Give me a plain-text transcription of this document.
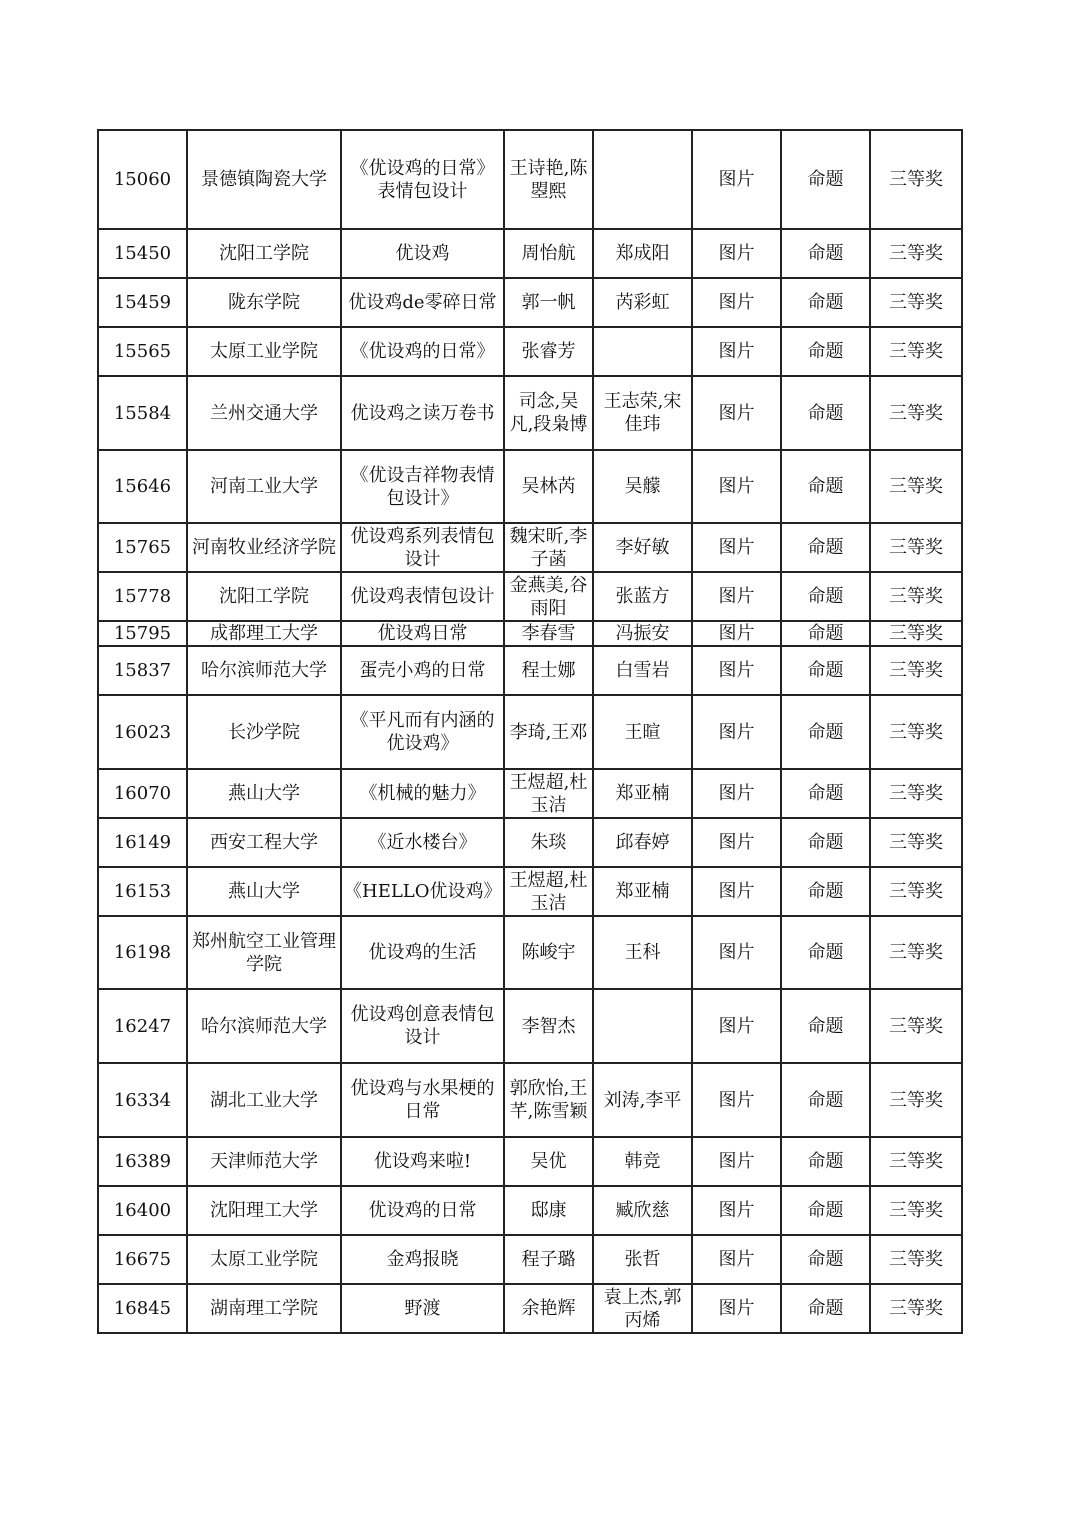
15060	景德镇陶瓷大学	《优设鸡的日常》表情包设计	王诗艳,陈曌熙		图片	命题	三等奖
15450	沈阳工学院	优设鸡	周怡航	郑成阳	图片	命题	三等奖
15459	陇东学院	优设鸡de零碎日常	郭一帆	芮彩虹	图片	命题	三等奖
15565	太原工业学院	《优设鸡的日常》	张睿芳		图片	命题	三等奖
15584	兰州交通大学	优设鸡之读万卷书	司念,吴凡,段枭博	王志荣,宋佳玮	图片	命题	三等奖
15646	河南工业大学	《优设吉祥物表情包设计》	吴林芮	吴艨	图片	命题	三等奖
15765	河南牧业经济学院	优设鸡系列表情包设计	魏宋昕,李子菡	李好敏	图片	命题	三等奖
15778	沈阳工学院	优设鸡表情包设计	金燕美,谷雨阳	张蓝方	图片	命题	三等奖
15795	成都理工大学	优设鸡日常	李春雪	冯振安	图片	命题	三等奖
15837	哈尔滨师范大学	蛋壳小鸡的日常	程士娜	白雪岩	图片	命题	三等奖
16023	长沙学院	《平凡而有内涵的优设鸡》	李琦,王邓	王暄	图片	命题	三等奖
16070	燕山大学	《机械的魅力》	王煜超,杜玉洁	郑亚楠	图片	命题	三等奖
16149	西安工程大学	《近水楼台》	朱琰	邱春婷	图片	命题	三等奖
16153	燕山大学	《HELLO优设鸡》	王煜超,杜玉洁	郑亚楠	图片	命题	三等奖
16198	郑州航空工业管理学院	优设鸡的生活	陈峻宇	王科	图片	命题	三等奖
16247	哈尔滨师范大学	优设鸡创意表情包设计	李智杰		图片	命题	三等奖
16334	湖北工业大学	优设鸡与水果梗的日常	郭欣怡,王芊,陈雪颖	刘涛,李平	图片	命题	三等奖
16389	天津师范大学	优设鸡来啦!	吴优	韩竞	图片	命题	三等奖
16400	沈阳理工大学	优设鸡的日常	邸康	臧欣慈	图片	命题	三等奖
16675	太原工业学院	金鸡报晓	程子璐	张哲	图片	命题	三等奖
16845	湖南理工学院	野渡	余艳辉	袁上杰,郭丙烯	图片	命题	三等奖
